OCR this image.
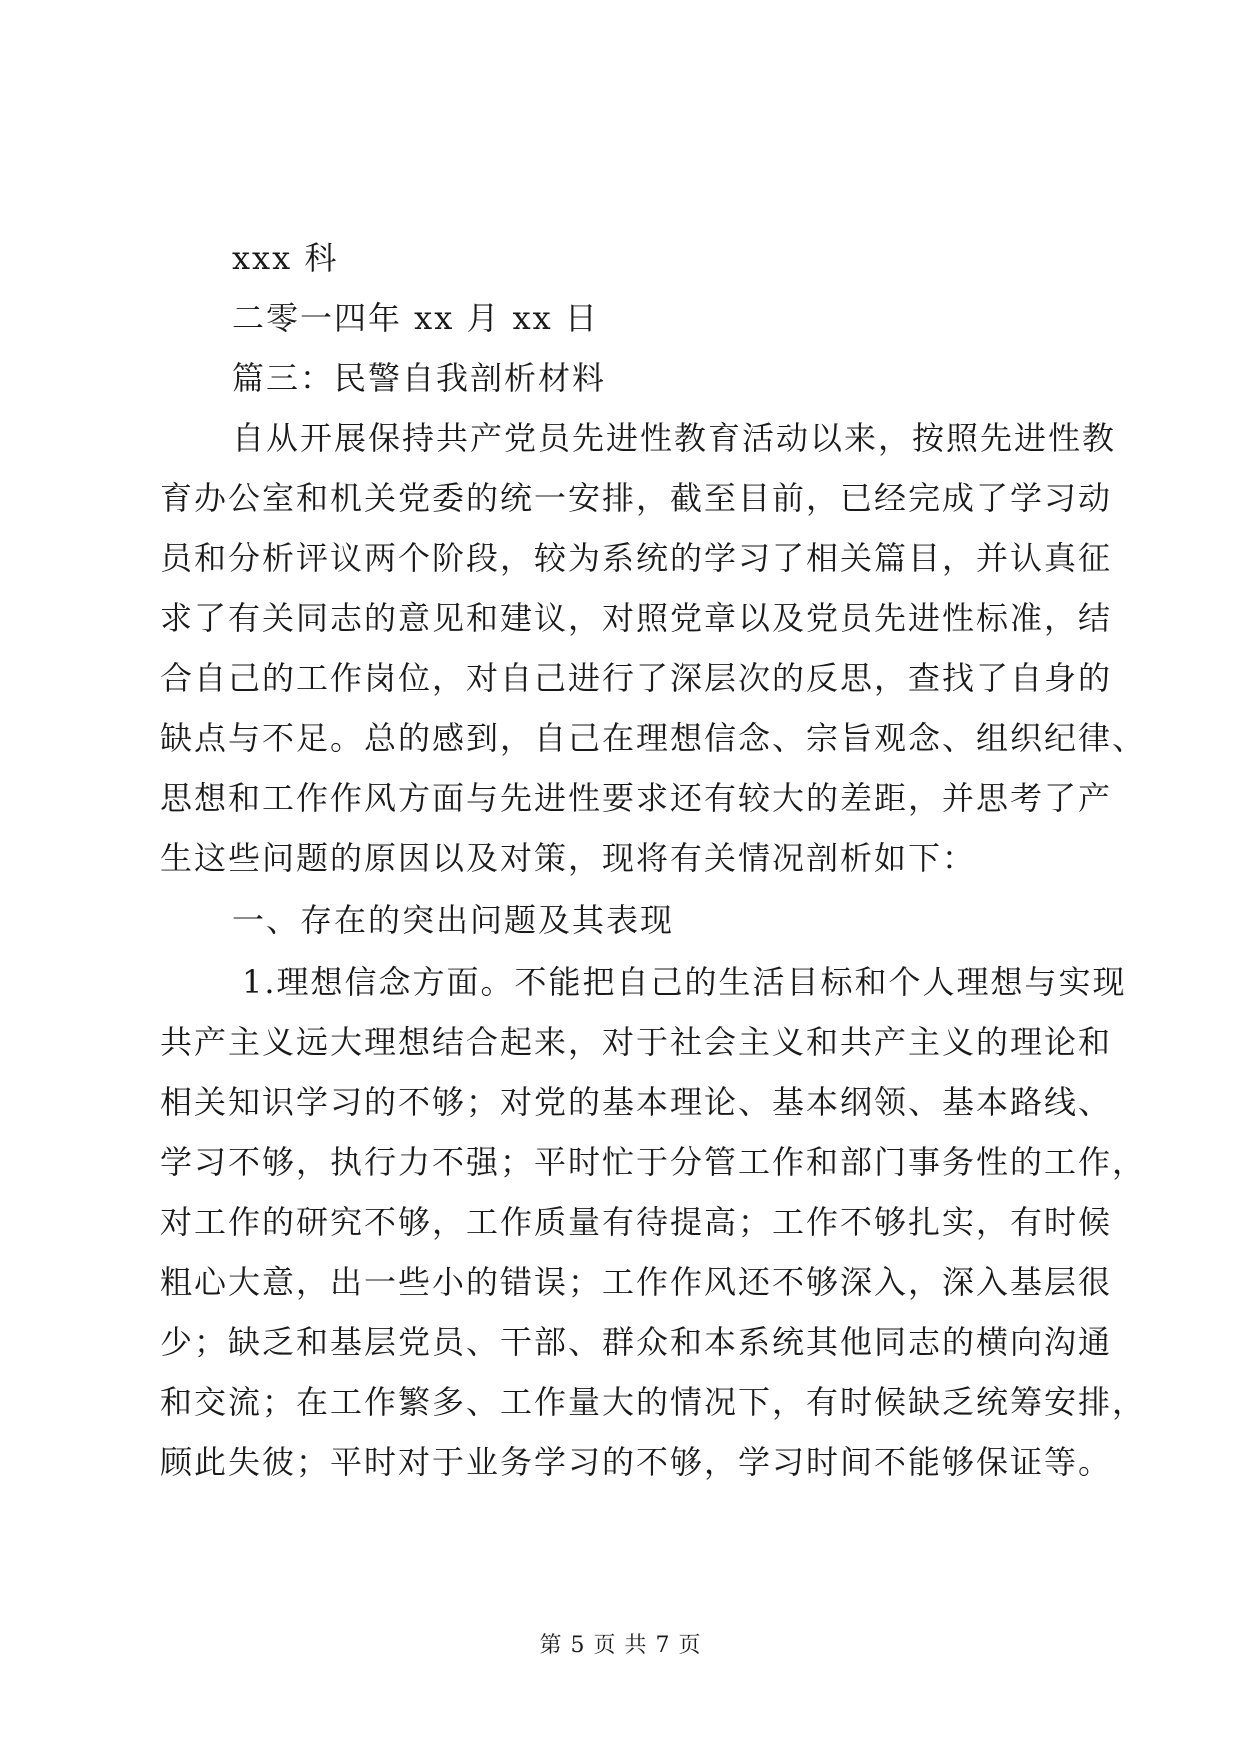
xxx 科
二零一四年 xx 月 xx 日
篇三：民警自我剖析材料
自从开展保持共产党员先进性教育活动以来，按照先进性教
育办公室和机关党委的统一安排，截至目前，已经完成了学习动
员和分析评议两个阶段，较为系统的学习了相关篇目，并认真征
求了有关同志的意见和建议，对照党章以及党员先进性标准，结
合自己的工作岗位，对自己进行了深层次的反思，查找了自身的
缺点与不足。总的感到，自己在理想信念、宗旨观念、组织纪律、
思想和工作作风方面与先进性要求还有较大的差距，并思考了产
生这些问题的原因以及对策，现将有关情况剖析如下：
一、存在的突出问题及其表现
1.理想信念方面。不能把自己的生活目标和个人理想与实现
共产主义远大理想结合起来，对于社会主义和共产主义的理论和
相关知识学习的不够；对党的基本理论、基本纲领、基本路线、
学习不够，执行力不强；平时忙于分管工作和部门事务性的工作，
对工作的研究不够，工作质量有待提高；工作不够扎实，有时候
粗心大意，出一些小的错误；工作作风还不够深入，深入基层很
少；缺乏和基层党员、干部、群众和本系统其他同志的横向沟通
和交流；在工作繁多、工作量大的情况下，有时候缺乏统筹安排，
顾此失彼；平时对于业务学习的不够，学习时间不能够保证等。
第 5 页 共 7 页
